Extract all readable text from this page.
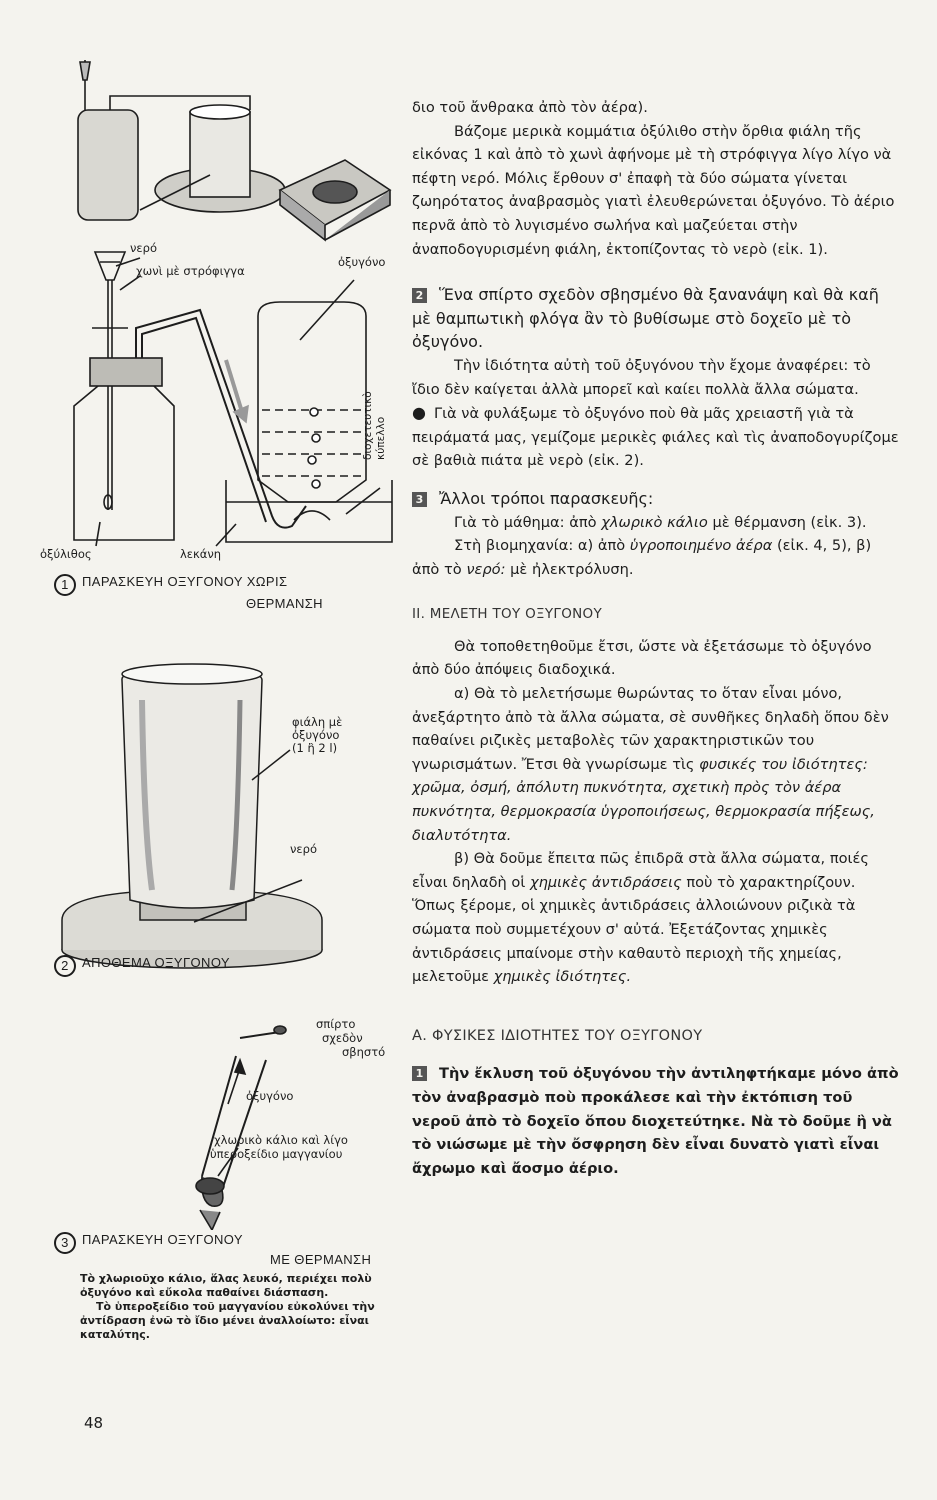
νερό
χωνὶ μὲ στρόφιγγα
ὀξυγόνο
διοχετευτικὸ κύπελλο
ὀξύλιθος	λεκάνη
1 ΠΑΡΑΣΚΕΥΗ ΟΞΥΓΟΝΟΥ ΧΩΡΙΣ
ΘΕΡΜΑΝΣΗ
φιάλη μὲ
ὀξυγόνο
(1 ἢ 2 l)
νερό
2 ΑΠΟΘΕΜΑ ΟΞΥΓΟΝΟΥ
σπίρτο
σχεδὸν
σβηστό
ὀξυγόνο
χλωρικὸ κάλιο καὶ λίγο
ὑπεροξείδιο μαγγανίου
3 ΠΑΡΑΣΚΕΥΗ ΟΞΥΓΟΝΟΥ
ΜΕ ΘΕΡΜΑΝΣΗ

Τὸ χλωριοῦχο κάλιο, ἅλας λευκό, περιέχει πολὺ ὀξυγόνο καὶ εὔκολα παθαίνει διάσπαση.

Τὸ ὑπεροξείδιο τοῦ μαγγανίου εὐκολύνει τὴν ἀντίδραση ἐνῶ τὸ ἴδιο μένει ἀναλλοίωτο: εἶναι καταλύτης.

διο τοῦ ἄνθρακα ἀπὸ τὸν ἀέρα).

Βάζομε μερικὰ κομμάτια ὀξύλιθο στὴν ὄρθια φιάλη τῆς εἰκόνας 1 καὶ ἀπὸ τὸ χωνὶ ἀφήνομε μὲ τὴ στρόφιγγα λίγο λίγο νὰ πέφτη νερό. Μόλις ἔρθουν σ' ἐπαφὴ τὰ δύο σώματα γίνεται ζωηρότατος ἀναβρασμὸς γιατὶ ἐλευθερώνεται ὀξυγόνο. Τὸ ἀέριο περνᾶ ἀπὸ τὸ λυγισμένο σωλήνα καὶ μαζεύεται στὴν ἀναποδογυρισμένη φιάλη, ἐκτοπίζοντας τὸ νερὸ (εἰκ. 1).

2 Ἕνα σπίρτο σχεδὸν σβησμένο θὰ ξανανάψη καὶ θὰ καῆ μὲ θαμπωτικὴ φλόγα ἂν τὸ βυθίσωμε στὸ δοχεῖο μὲ τὸ ὀξυγόνο.

Τὴν ἰδιότητα αὐτὴ τοῦ ὀξυγόνου τὴν ἔχομε ἀναφέρει: τὸ ἴδιο δὲν καίγεται ἀλλὰ μπορεῖ καὶ καίει πολλὰ ἄλλα σώματα.

● Γιὰ νὰ φυλάξωμε τὸ ὀξυγόνο ποὺ θὰ μᾶς χρειαστῆ γιὰ τὰ πειράματά μας, γεμίζομε μερικὲς φιάλες καὶ τὶς ἀναποδογυρίζομε σὲ βαθιὰ πιάτα μὲ νερὸ (εἰκ. 2).

3 Ἄλλοι τρόποι παρασκευῆς:

Γιὰ τὸ μάθημα: ἀπὸ χλωρικὸ κάλιο μὲ θέρμανση (εἰκ. 3).

Στὴ βιομηχανία: α) ἀπὸ ὑγροποιημένο ἀέρα (εἰκ. 4, 5), β) ἀπὸ τὸ νερό: μὲ ἠλεκτρόλυση.

ΙΙ. ΜΕΛΕΤΗ ΤΟΥ ΟΞΥΓΟΝΟΥ

Θὰ τοποθετηθοῦμε ἔτσι, ὥστε νὰ ἐξετάσωμε τὸ ὀξυγόνο ἀπὸ δύο ἀπόψεις διαδοχικά.

α) Θὰ τὸ μελετήσωμε θωρώντας το ὅταν εἶναι μόνο, ἀνεξάρτητο ἀπὸ τὰ ἄλλα σώματα, σὲ συνθῆκες δηλαδὴ ὅπου δὲν παθαίνει ριζικὲς μεταβολὲς τῶν χαρακτηριστικῶν του γνωρισμάτων. Ἔτσι θὰ γνωρίσωμε τὶς φυσικές του ἰδιότητες: χρῶμα, ὀσμή, ἀπόλυτη πυκνότητα, σχετικὴ πρὸς τὸν ἀέρα πυκνότητα, θερμοκρασία ὑγροποιήσεως, θερμοκρασία πήξεως, διαλυτότητα.

β) Θὰ δοῦμε ἔπειτα πῶς ἐπιδρᾶ στὰ ἄλλα σώματα, ποιές εἶναι δηλαδὴ οἱ χημικὲς ἀντιδράσεις ποὺ τὸ χαρακτηρίζουν. Ὅπως ξέρομε, οἱ χημικὲς ἀντιδράσεις ἀλλοιώνουν ριζικὰ τὰ σώματα ποὺ συμμετέχουν σ' αὐτά. Ἐξετάζοντας χημικὲς ἀντιδράσεις μπαίνομε στὴν καθαυτὸ περιοχὴ τῆς χημείας, μελετοῦμε χημικὲς ἰδιότητες.

Α. ΦΥΣΙΚΕΣ ΙΔΙΟΤΗΤΕΣ ΤΟΥ ΟΞΥΓΟΝΟΥ

1 Τὴν ἔκλυση τοῦ ὀξυγόνου τὴν ἀντιληφτήκαμε μόνο ἀπὸ τὸν ἀναβρασμὸ ποὺ προκάλεσε καὶ τὴν ἐκτόπιση τοῦ νεροῦ ἀπὸ τὸ δοχεῖο ὅπου διοχετεύτηκε. Νὰ τὸ δοῦμε ἢ νὰ τὸ νιώσωμε μὲ τὴν ὄσφρηση δὲν εἶναι δυνατὸ γιατὶ εἶναι ἄχρωμο καὶ ἄοσμο ἀέριο.

48
